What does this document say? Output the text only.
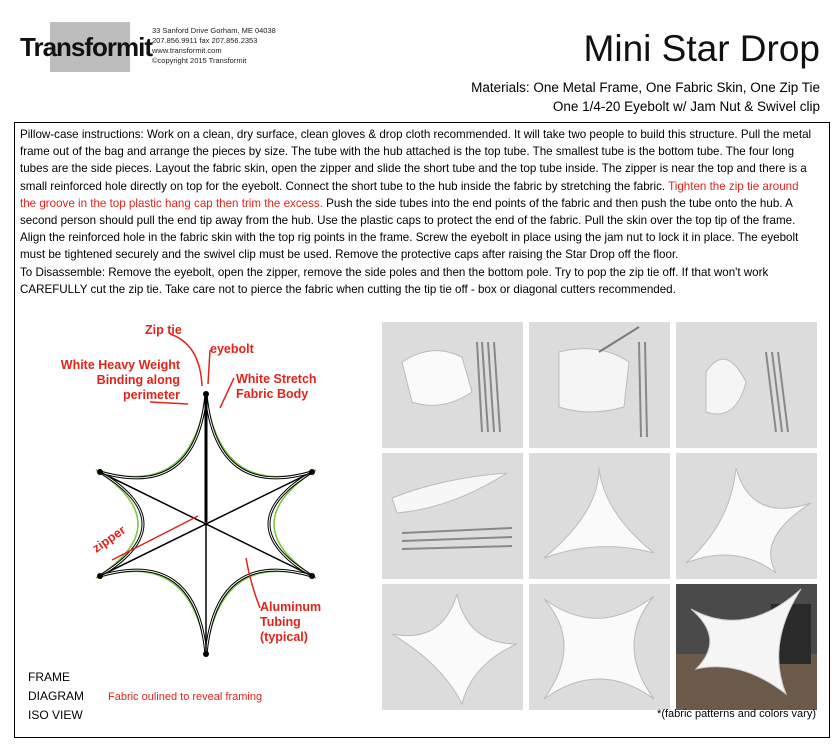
Transformit
33 Sanford Drive Gorham, ME 04038
207.856.9911 fax 207.856.2353
www.transformit.com
©copyright 2015 Transformit	Mini Star Drop
Materials: One Metal Frame, One Fabric Skin, One Zip Tie
One 1/4-20 Eyebolt w/ Jam Nut & Swivel clip
Pillow-case instructions: Work on a clean, dry surface, clean gloves & drop cloth recommended. It will take two people to build this structure. Pull the metal frame out of the bag and arrange the pieces by size. The tube with the hub attached is the top tube. The smallest tube is the bottom tube. The four long tubes are the side pieces. Layout the fabric skin, open the zipper and slide the short tube and the top tube inside. The zipper is near the top and there is a small reinforced hole directly on top for the eyebolt. Connect the short tube to the hub inside the fabric by stretching the fabric. Tighten the zip tie around the groove in the top plastic hang cap then trim the excess. Push the side tubes into the end points of the fabric and then push the tube onto the hub. A second person should pull the end tip away from the hub. Use the plastic caps to protect the end of the fabric. Pull the skin over the top tip of the frame. Align the reinforced hole in the fabric skin with the top rig points in the frame. Screw the eyebolt in place using the jam nut to lock it in place. The eyebolt must be tightened securely and the swivel clip must be used. Remove the protective caps after raising the Star Drop off the floor.
To Disassemble: Remove the eyebolt, open the zipper, remove the side poles and then the bottom pole. Try to pop the zip tie off. If that won't work CAREFULLY cut the zip tie. Take care not to pierce the fabric when cutting the tip tie off - box or diagonal cutters recommended.
Zip tie
eyebolt
White Heavy Weight
Binding along
perimeter
White Stretch
Fabric Body
zipper
Aluminum
Tubing
(typical)
Fabric oulined to reveal framing
FRAME
DIAGRAM
ISO VIEW	*(fabric patterns and colors vary)
